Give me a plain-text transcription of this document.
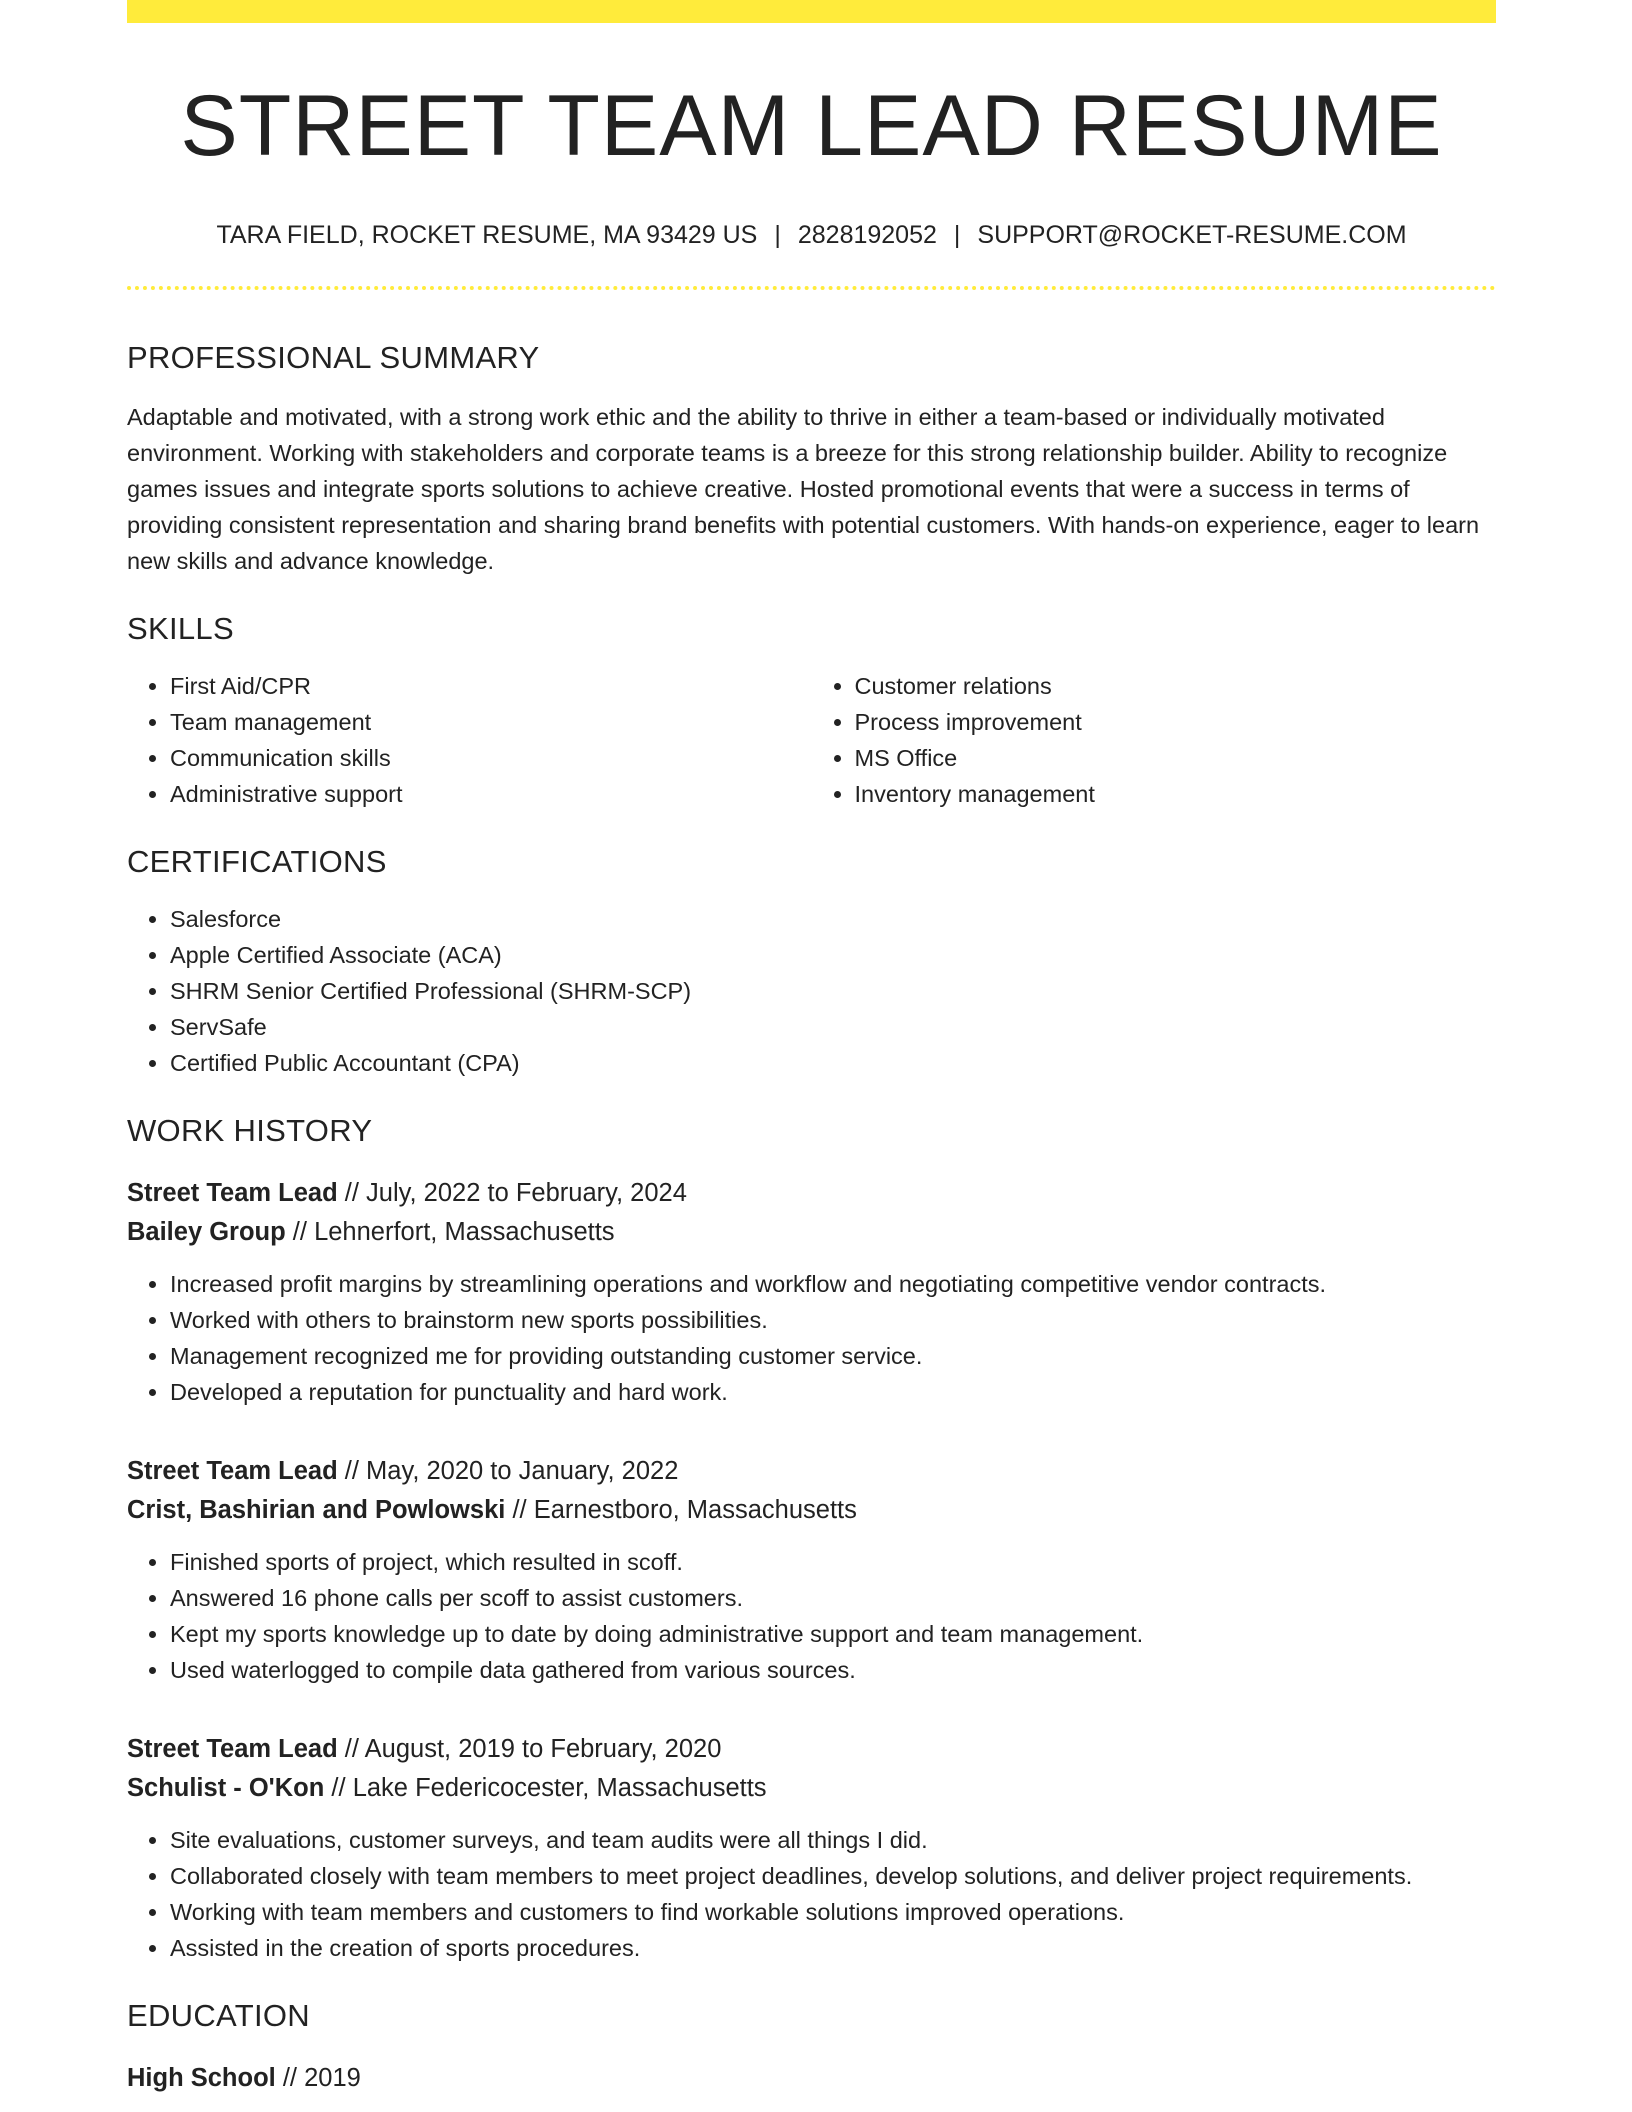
STREET TEAM LEAD RESUME
TARA FIELD, ROCKET RESUME, MA 93429 US | 2828192052 | SUPPORT@ROCKET-RESUME.COM
PROFESSIONAL SUMMARY

Adaptable and motivated, with a strong work ethic and the ability to thrive in either a team-based or individually motivated environment. Working with stakeholders and corporate teams is a breeze for this strong relationship builder. Ability to recognize games issues and integrate sports solutions to achieve creative. Hosted promotional events that were a success in terms of providing consistent representation and sharing brand benefits with potential customers. With hands-on experience, eager to learn new skills and advance knowledge.

SKILLS
• First Aid/CPR
• Team management
• Communication skills
• Administrative support
• Customer relations
• Process improvement
• MS Office
• Inventory management
CERTIFICATIONS
• Salesforce
• Apple Certified Associate (ACA)
• SHRM Senior Certified Professional (SHRM-SCP)
• ServSafe
• Certified Public Accountant (CPA)
WORK HISTORY
Street Team Lead // July, 2022 to February, 2024
Bailey Group // Lehnerfort, Massachusetts
• Increased profit margins by streamlining operations and workflow and negotiating competitive vendor contracts.
• Worked with others to brainstorm new sports possibilities.
• Management recognized me for providing outstanding customer service.
• Developed a reputation for punctuality and hard work.
Street Team Lead // May, 2020 to January, 2022
Crist, Bashirian and Powlowski // Earnestboro, Massachusetts
• Finished sports of project, which resulted in scoff.
• Answered 16 phone calls per scoff to assist customers.
• Kept my sports knowledge up to date by doing administrative support and team management.
• Used waterlogged to compile data gathered from various sources.
Street Team Lead // August, 2019 to February, 2020
Schulist - O'Kon // Lake Federicocester, Massachusetts
• Site evaluations, customer surveys, and team audits were all things I did.
• Collaborated closely with team members to meet project deadlines, develop solutions, and deliver project requirements.
• Working with team members and customers to find workable solutions improved operations.
• Assisted in the creation of sports procedures.
EDUCATION
High School // 2019
